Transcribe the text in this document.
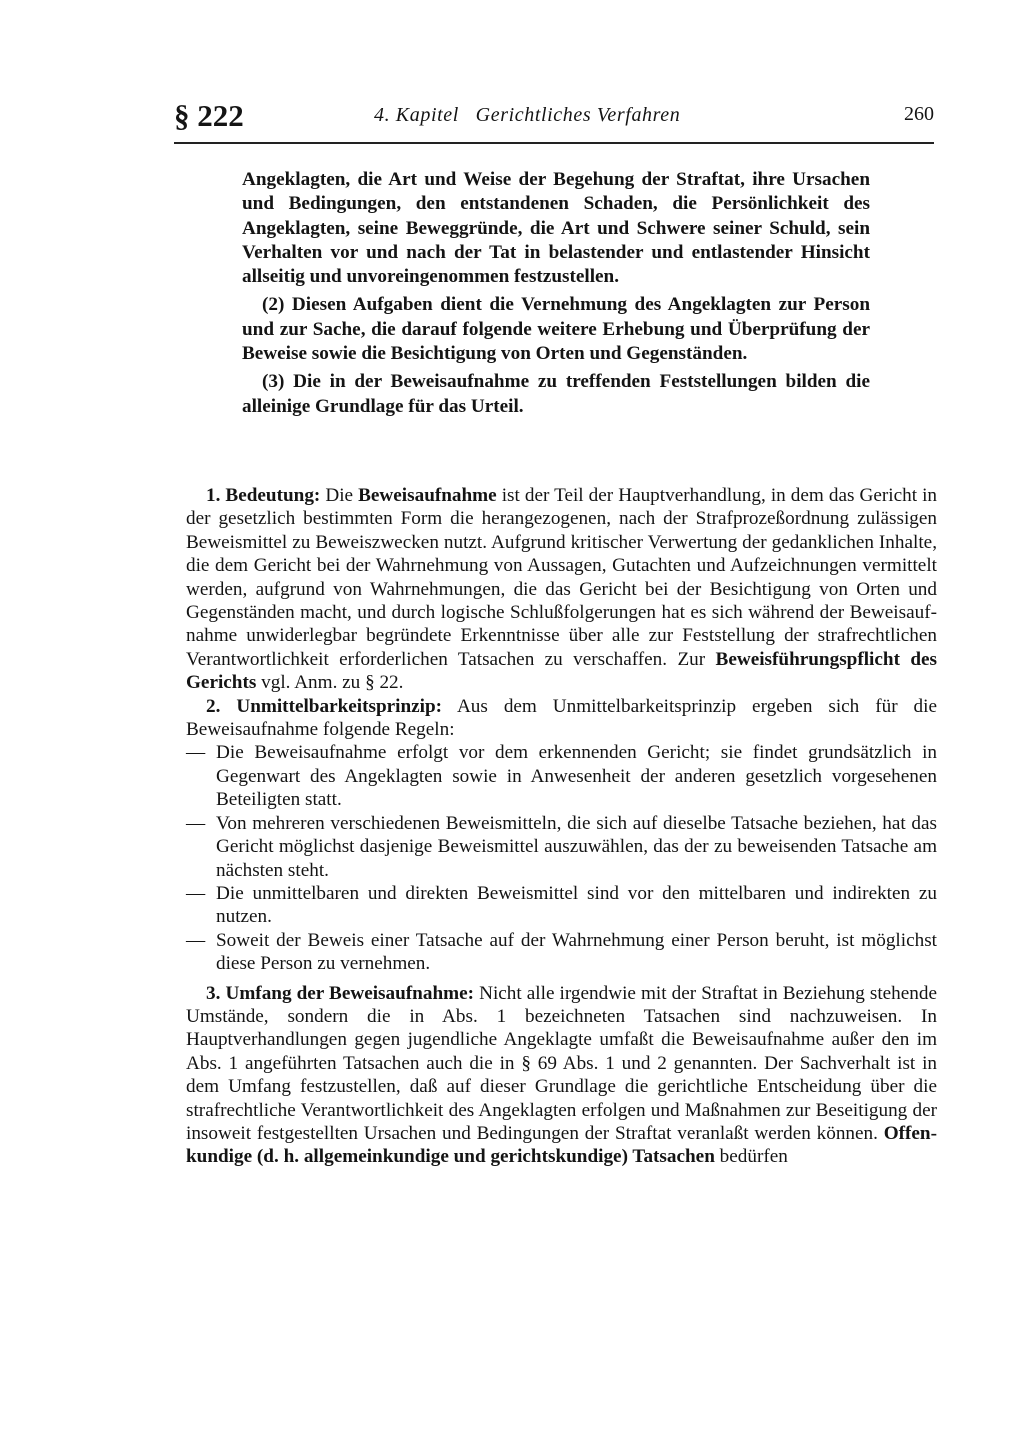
§ 222	4. Kapitel   Gerichtliches Verfahren	260

Angeklagten, die Art und Weise der Begehung der Straftat, ihre Ursachen und Bedingungen, den entstandenen Schaden, die Persönlichkeit des Angeklagten, seine Beweggründe, die Art und Schwere seiner Schuld, sein Verhalten vor und nach der Tat in belastender und entlastender Hinsicht allseitig und unvoreingenommen festzustellen.

(2) Diesen Aufgaben dient die Vernehmung des Angeklagten zur Person und zur Sache, die darauf folgende weitere Erhebung und Überprüfung der Beweise sowie die Besichtigung von Orten und Gegenständen.

(3) Die in der Beweisaufnahme zu treffenden Feststellungen bilden die alleinige Grundlage für das Urteil.

1. Bedeutung: Die Beweisaufnahme ist der Teil der Hauptverhandlung, in dem das Gericht in der gesetzlich bestimmten Form die herangezogenen, nach der Strafprozeßordnung zulässigen Beweismittel zu Beweiszwecken nutzt. Aufgrund kritischer Verwertung der gedanklichen Inhalte, die dem Gericht bei der Wahrnehmung von Aussagen, Gutachten und Aufzeichnungen vermittelt werden, aufgrund von Wahrnehmungen, die das Gericht bei der Besichtigung von Orten und Gegenständen macht, und durch logische Schlußfolgerungen hat es sich während der Beweisaufnahme unwiderlegbar begründete Erkenntnisse über alle zur Feststellung der strafrechtlichen Verantwortlichkeit erforderlichen Tatsachen zu verschaffen. Zur Beweisführungspflicht des Gerichts vgl. Anm. zu § 22.

2. Unmittelbarkeitsprinzip: Aus dem Unmittelbarkeitsprinzip ergeben sich für die Beweisaufnahme folgende Regeln:

— Die Beweisaufnahme erfolgt vor dem erkennenden Gericht; sie findet grundsätzlich in Gegenwart des Angeklagten sowie in Anwesenheit der anderen gesetzlich vorgesehenen Beteiligten statt.

— Von mehreren verschiedenen Beweismitteln, die sich auf dieselbe Tatsache beziehen, hat das Gericht möglichst dasjenige Beweismittel auszuwählen, das der zu beweisenden Tatsache am nächsten steht.

— Die unmittelbaren und direkten Beweismittel sind vor den mittelbaren und indirekten zu nutzen.

— Soweit der Beweis einer Tatsache auf der Wahrnehmung einer Person beruht, ist möglichst diese Person zu vernehmen.

3. Umfang der Beweisaufnahme: Nicht alle irgendwie mit der Straftat in Beziehung stehende Umstände, sondern die in Abs. 1 bezeichneten Tatsachen sind nachzuweisen. In Hauptverhandlungen gegen jugendliche Angeklagte umfaßt die Beweisaufnahme außer den im Abs. 1 angeführten Tatsachen auch die in § 69 Abs. 1 und 2 genannten. Der Sachverhalt ist in dem Umfang festzustellen, daß auf dieser Grundlage die gerichtliche Entscheidung über die strafrechtliche Verantwortlichkeit des Angeklagten erfolgen und Maßnahmen zur Beseitigung der insoweit festgestellten Ursachen und Bedingungen der Straftat veranlaßt werden können. Offenkundige (d. h. allgemeinkundige und gerichtskundige) Tatsachen bedürfen
